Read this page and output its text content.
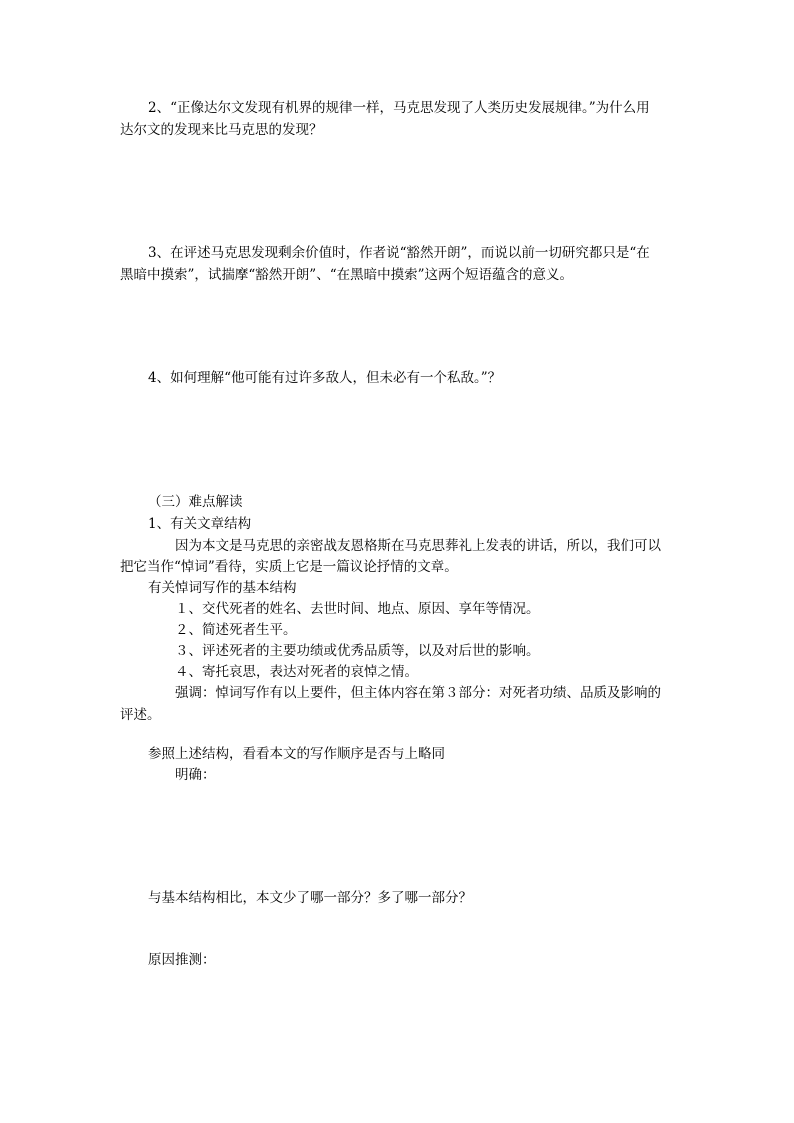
2、“正像达尔文发现有机界的规律一样，马克思发现了人类历史发展规律。”为什么用

达尔文的发现来比马克思的发现？

3、在评述马克思发现剩余价值时，作者说“豁然开朗”，而说以前一切研究都只是“在

黑暗中摸索”，试揣摩“豁然开朗”、“在黑暗中摸索”这两个短语蕴含的意义。

4、如何理解“他可能有过许多敌人，但未必有一个私敌。”？

（三）难点解读

1、有关文章结构

因为本文是马克思的亲密战友恩格斯在马克思葬礼上发表的讲话，所以，我们可以

把它当作“悼词”看待，实质上它是一篇议论抒情的文章。

有关悼词写作的基本结构

１、交代死者的姓名、去世时间、地点、原因、享年等情况。

２、简述死者生平。

３、评述死者的主要功绩或优秀品质等，以及对后世的影响。

４、寄托哀思，表达对死者的哀悼之情。

强调：悼词写作有以上要件，但主体内容在第３部分：对死者功绩、品质及影响的

评述。

参照上述结构，看看本文的写作顺序是否与上略同

明确：

与基本结构相比，本文少了哪一部分？多了哪一部分？

原因推测：
